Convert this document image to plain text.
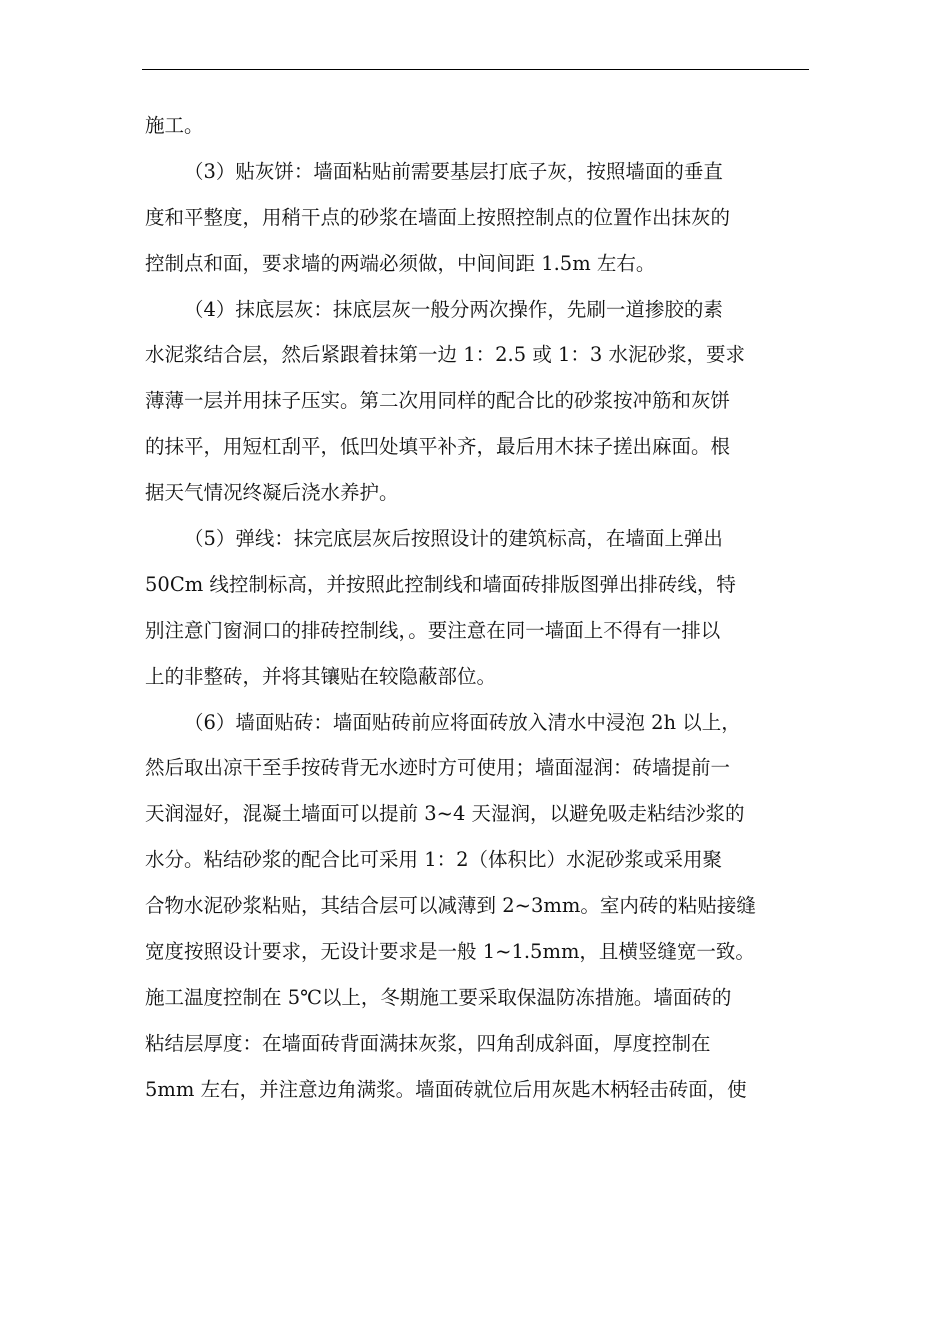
施工。
（3）贴灰饼：墙面粘贴前需要基层打底子灰，按照墙面的垂直
度和平整度，用稍干点的砂浆在墙面上按照控制点的位置作出抹灰的
控制点和面，要求墙的两端必须做，中间间距 1.5m 左右。
（4）抹底层灰：抹底层灰一般分两次操作，先刷一道掺胶的素
水泥浆结合层，然后紧跟着抹第一边 1：2.5 或 1：3 水泥砂浆，要求
薄薄一层并用抹子压实。第二次用同样的配合比的砂浆按冲筋和灰饼
的抹平，用短杠刮平，低凹处填平补齐，最后用木抹子搓出麻面。根
据天气情况终凝后浇水养护。
（5）弹线：抹完底层灰后按照设计的建筑标高，在墙面上弹出
50Cm 线控制标高，并按照此控制线和墙面砖排版图弹出排砖线，特
别注意门窗洞口的排砖控制线，。要注意在同一墙面上不得有一排以
上的非整砖，并将其镶贴在较隐蔽部位。
（6）墙面贴砖：墙面贴砖前应将面砖放入清水中浸泡 2h 以上，
然后取出凉干至手按砖背无水迹时方可使用；墙面湿润：砖墙提前一
天润湿好，混凝土墙面可以提前 3~4 天湿润，以避免吸走粘结沙浆的
水分。粘结砂浆的配合比可采用 1：2（体积比）水泥砂浆或采用聚
合物水泥砂浆粘贴，其结合层可以减薄到 2~3mm。室内砖的粘贴接缝
宽度按照设计要求，无设计要求是一般 1~1.5mm，且横竖缝宽一致。
施工温度控制在 5℃以上，冬期施工要采取保温防冻措施。墙面砖的
粘结层厚度：在墙面砖背面满抹灰浆，四角刮成斜面，厚度控制在
5mm 左右，并注意边角满浆。墙面砖就位后用灰匙木柄轻击砖面，使
